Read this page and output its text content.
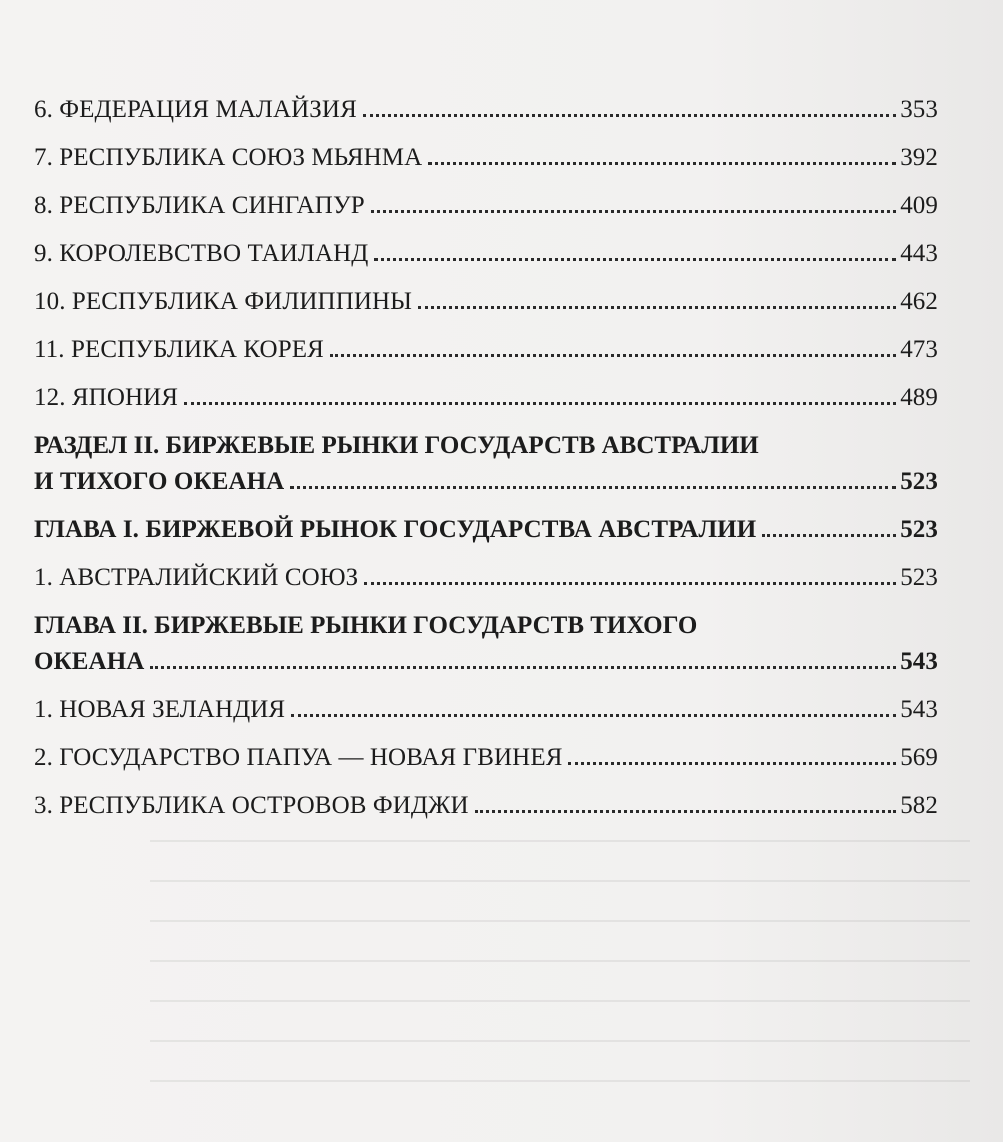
6. ФЕДЕРАЦИЯ МАЛАЙЗИЯ	353
7. РЕСПУБЛИКА СОЮЗ МЬЯНМА	392
8. РЕСПУБЛИКА СИНГАПУР	409
9. КОРОЛЕВСТВО ТАИЛАНД	443
10. РЕСПУБЛИКА ФИЛИППИНЫ	462
11. РЕСПУБЛИКА КОРЕЯ	473
12. ЯПОНИЯ	489
РАЗДЕЛ II. БИРЖЕВЫЕ РЫНКИ ГОСУДАРСТВ АВСТРАЛИИ
И ТИХОГО ОКЕАНА	523
ГЛАВА I. БИРЖЕВОЙ РЫНОК ГОСУДАРСТВА АВСТРАЛИИ	523
1. АВСТРАЛИЙСКИЙ СОЮЗ	523
ГЛАВА II. БИРЖЕВЫЕ РЫНКИ ГОСУДАРСТВ ТИХОГО
ОКЕАНА	543
1. НОВАЯ ЗЕЛАНДИЯ	543
2. ГОСУДАРСТВО ПАПУА — НОВАЯ ГВИНЕЯ	569
3. РЕСПУБЛИКА ОСТРОВОВ ФИДЖИ	582
